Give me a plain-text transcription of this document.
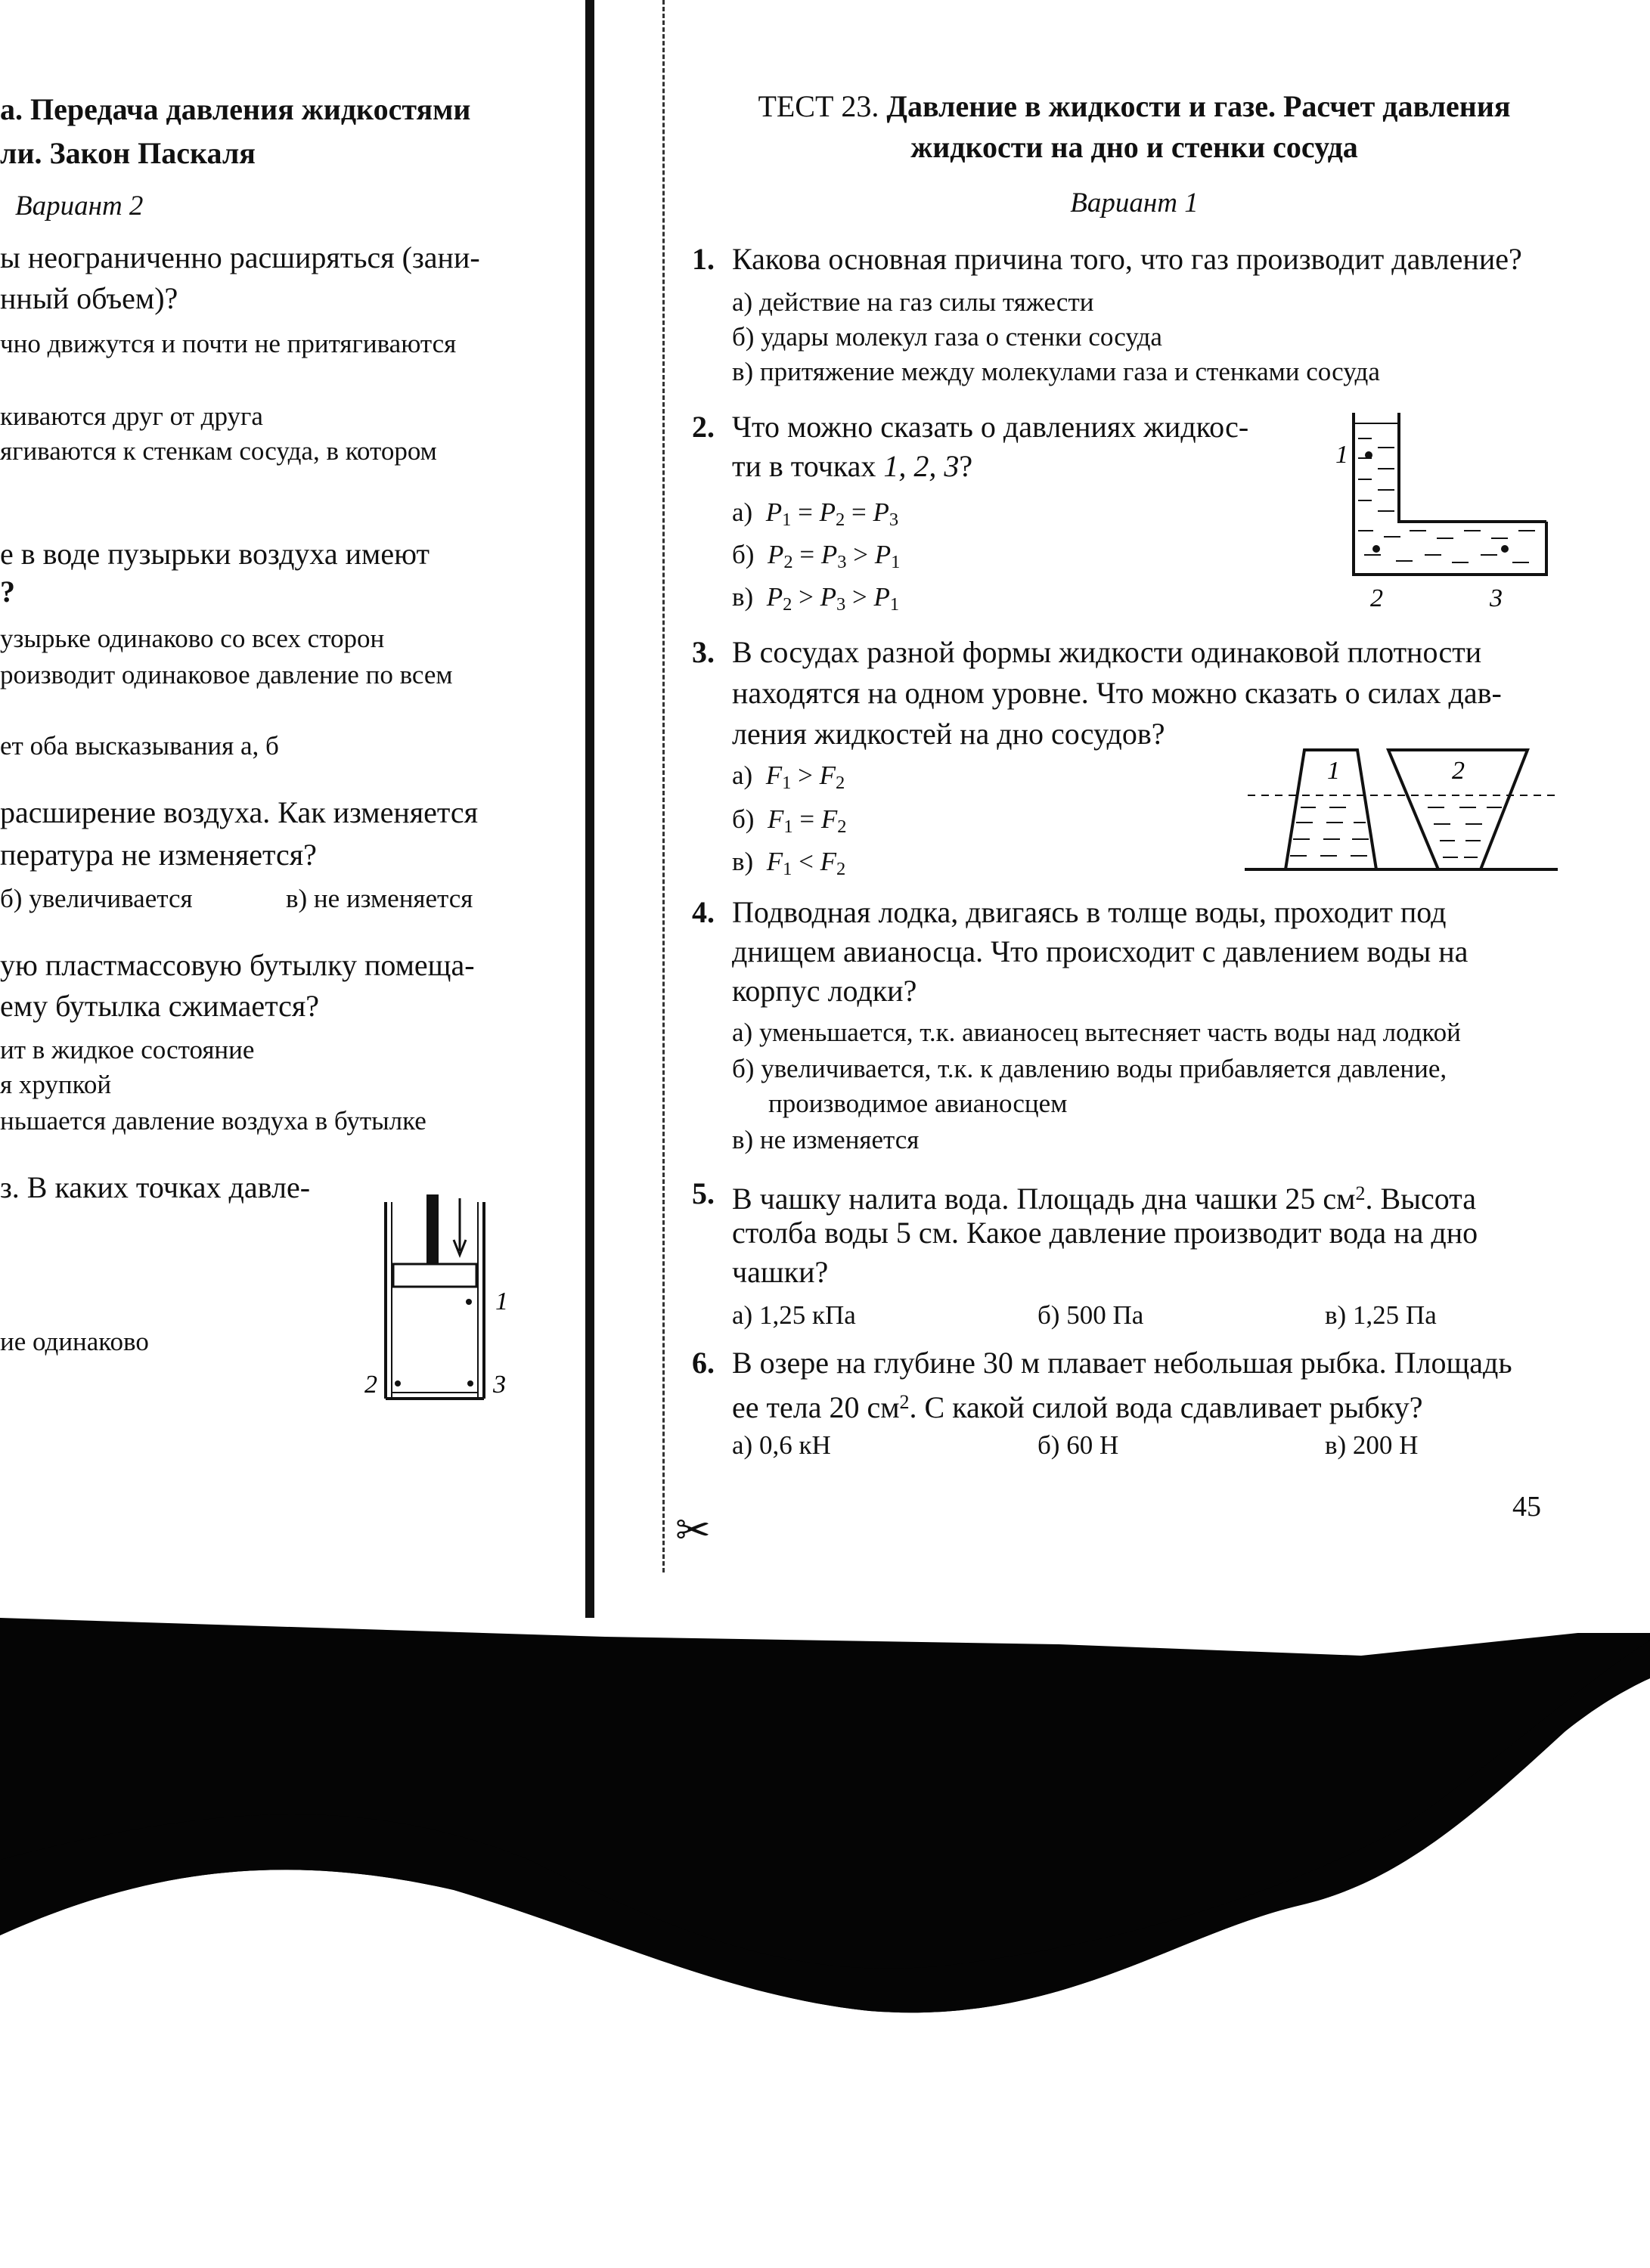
а. Передача давления жидкостями
ли. Закон Паскаля
Вариант 2
ы неограниченно расширяться (зани-
нный объем)?
чно движутся и почти не притягиваются
киваются друг от друга
ягиваются к стенкам сосуда, в котором
е в воде пузырьки воздуха имеют
?
узырьке одинаково со всех сторон
роизводит одинаковое давление по всем
ет оба высказывания а, б
расширение воздуха. Как изменяется
пература не изменяется?
б) увеличивается	в) не изменяется
ую пластмассовую бутылку помеща-
ему бутылка сжимается?
ит в жидкое состояние
я хрупкой
ньшается давление воздуха в бутылке
з. В каких точках давле-
ие одинаково
1
2	3
✂
ТЕСТ 23. Давление в жидкости и газе. Расчет давления
жидкости на дно и стенки сосуда
Вариант 1
1. Какова основная причина того, что газ производит давление?
а) действие на газ силы тяжести
б) удары молекул газа о стенки сосуда
в) притяжение между молекулами газа и стенками сосуда
2. Что можно сказать о давлениях жидкос-
ти в точках 1, 2, 3?
а) $P_1 = P_2 = P_3$
б) $P_2 = P_3 > P_1$
в) $P_2 > P_3 > P_1$
1
2	3
3. В сосудах разной формы жидкости одинаковой плотности
находятся на одном уровне. Что можно сказать о силах дав-
ления жидкостей на дно сосудов?
а) $F_1 > F_2$
б) $F_1 = F_2$
в) $F_1 < F_2$
1	2
4. Подводная лодка, двигаясь в толще воды, проходит под
днищем авианосца. Что происходит с давлением воды на
корпус лодки?
а) уменьшается, т.к. авианосец вытесняет часть воды над лодкой
б) увеличивается, т.к. к давлению воды прибавляется давление,
производимое авианосцем
в) не изменяется
5. В чашку налита вода. Площадь дна чашки 25 $см^2$. Высота
столба воды 5 см. Какое давление производит вода на дно
чашки?
а) 1,25 кПа	б) 500 Па	в) 1,25 Па
6. В озере на глубине 30 м плавает небольшая рыбка. Площадь
ее тела 20 $см^2$. С какой силой вода сдавливает рыбку?
а) 0,6 кН	б) 60 Н	в) 200 Н
45
